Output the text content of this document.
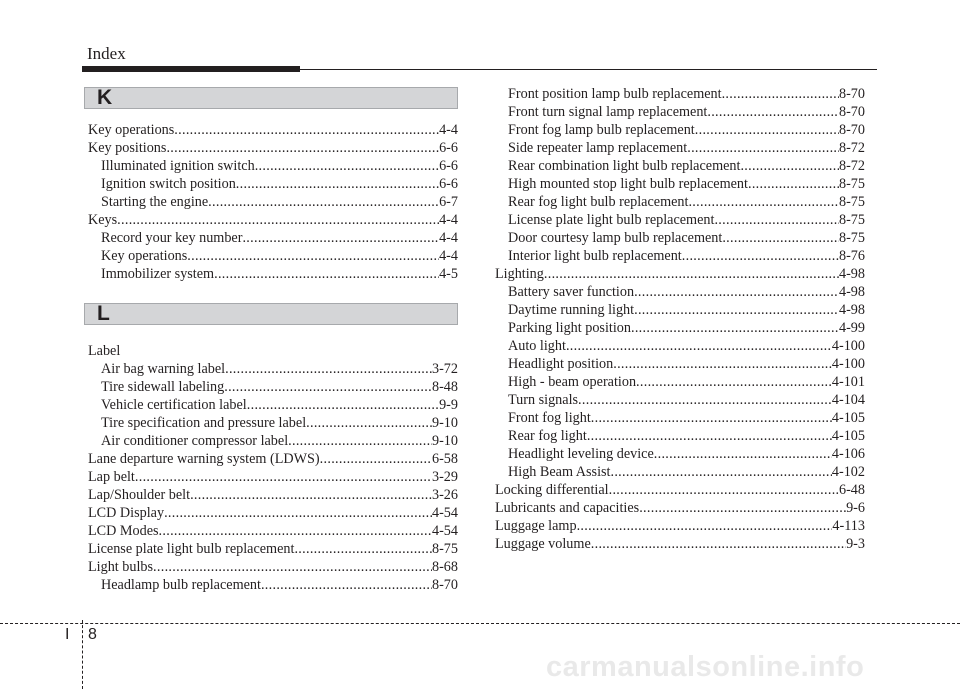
Index
K
Key operations .....	4-4
Key positions .....	6-6
Illuminated ignition switch .....	6-6
Ignition switch position .....	6-6
Starting the engine .....	6-7
Keys .....	4-4
Record your key number .....	4-4
Key operations .....	4-4
Immobilizer system .....	4-5
L
Label
Air bag warning label .....	3-72
Tire sidewall labeling .....	8-48
Vehicle certification label .....	9-9
Tire specification and pressure label .....	9-10
Air conditioner compressor label .....	9-10
Lane departure warning system (LDWS) .....	6-58
Lap belt .....	3-29
Lap/Shoulder belt .....	3-26
LCD Display .....	4-54
LCD Modes .....	4-54
License plate light bulb replacement .....	8-75
Light bulbs .....	8-68
Headlamp bulb replacement .....	8-70
Front position lamp bulb replacement .....	8-70
Front turn signal lamp replacement .....	8-70
Front fog lamp bulb replacement .....	8-70
Side repeater lamp replacement .....	8-72
Rear combination light bulb replacement .....	8-72
High mounted stop light bulb replacement .....	8-75
Rear fog light bulb replacement .....	8-75
License plate light bulb replacement .....	8-75
Door courtesy lamp bulb replacement .....	8-75
Interior light bulb replacement .....	8-76
Lighting .....	4-98
Battery saver function .....	4-98
Daytime running light .....	4-98
Parking light position .....	4-99
Auto light .....	4-100
Headlight position .....	4-100
High - beam operation .....	4-101
Turn signals .....	4-104
Front fog light .....	4-105
Rear fog light .....	4-105
Headlight leveling device .....	4-106
High Beam Assist .....	4-102
Locking differential .....	6-48
Lubricants and capacities .....	9-6
Luggage lamp .....	4-113
Luggage volume .....	9-3
I 8
carmanualsonline.info
